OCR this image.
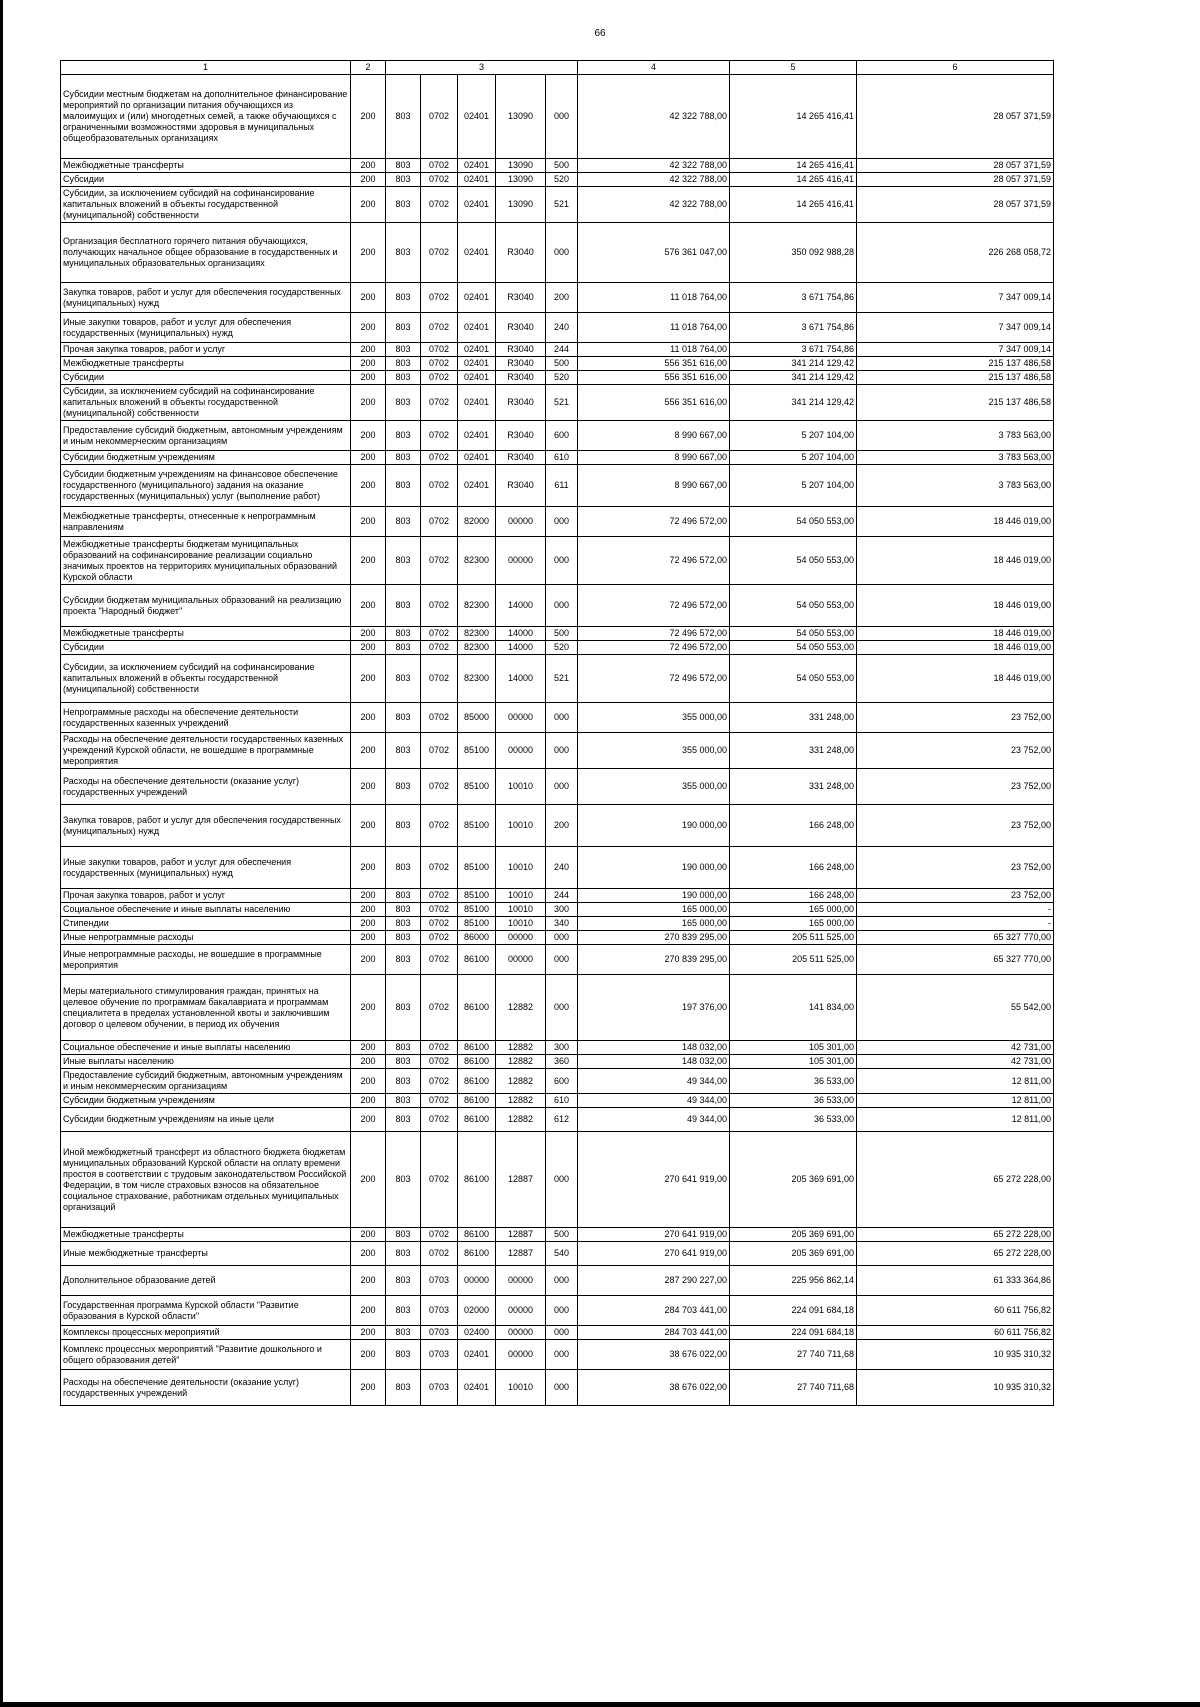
66
1	2	3					4	5	6
Субсидии местным бюджетам на дополнительное финансирование мероприятий по организации питания обучающихся из малоимущих и (или) многодетных семей, а также обучающихся с ограниченными возможностями здоровья в муниципальных общеобразовательных организациях	200	803	0702	02401	13090	000	42 322 788,00	14 265 416,41	28 057 371,59
Межбюджетные трансферты	200	803	0702	02401	13090	500	42 322 788,00	14 265 416,41	28 057 371,59
Субсидии	200	803	0702	02401	13090	520	42 322 788,00	14 265 416,41	28 057 371,59
Субсидии, за исключением субсидий на софинансирование капитальных вложений в объекты государственной (муниципальной) собственности	200	803	0702	02401	13090	521	42 322 788,00	14 265 416,41	28 057 371,59
Организация бесплатного горячего питания обучающихся, получающих начальное общее образование в государственных и муниципальных образовательных организациях	200	803	0702	02401	R3040	000	576 361 047,00	350 092 988,28	226 268 058,72
Закупка товаров, работ и услуг для обеспечения государственных (муниципальных) нужд	200	803	0702	02401	R3040	200	11 018 764,00	3 671 754,86	7 347 009,14
Иные закупки товаров, работ и услуг для обеспечения государственных (муниципальных) нужд	200	803	0702	02401	R3040	240	11 018 764,00	3 671 754,86	7 347 009,14
Прочая закупка товаров, работ и услуг	200	803	0702	02401	R3040	244	11 018 764,00	3 671 754,86	7 347 009,14
Межбюджетные трансферты	200	803	0702	02401	R3040	500	556 351 616,00	341 214 129,42	215 137 486,58
Субсидии	200	803	0702	02401	R3040	520	556 351 616,00	341 214 129,42	215 137 486,58
Субсидии, за исключением субсидий на софинансирование капитальных вложений в объекты государственной (муниципальной) собственности	200	803	0702	02401	R3040	521	556 351 616,00	341 214 129,42	215 137 486,58
Предоставление субсидий бюджетным, автономным учреждениям и иным некоммерческим организациям	200	803	0702	02401	R3040	600	8 990 667,00	5 207 104,00	3 783 563,00
Субсидии бюджетным учреждениям	200	803	0702	02401	R3040	610	8 990 667,00	5 207 104,00	3 783 563,00
Субсидии бюджетным учреждениям на финансовое обеспечение государственного (муниципального) задания на оказание государственных (муниципальных) услуг (выполнение работ)	200	803	0702	02401	R3040	611	8 990 667,00	5 207 104,00	3 783 563,00
Межбюджетные трансферты, отнесенные к непрограммным направлениям	200	803	0702	82000	00000	000	72 496 572,00	54 050 553,00	18 446 019,00
Межбюджетные трансферты бюджетам муниципальных образований на софинансирование реализации социально значимых проектов на территориях муниципальных образований Курской области	200	803	0702	82300	00000	000	72 496 572,00	54 050 553,00	18 446 019,00
Субсидии бюджетам муниципальных образований на реализацию проекта "Народный бюджет"	200	803	0702	82300	14000	000	72 496 572,00	54 050 553,00	18 446 019,00
Межбюджетные трансферты	200	803	0702	82300	14000	500	72 496 572,00	54 050 553,00	18 446 019,00
Субсидии	200	803	0702	82300	14000	520	72 496 572,00	54 050 553,00	18 446 019,00
Субсидии, за исключением субсидий на софинансирование капитальных вложений в объекты государственной (муниципальной) собственности	200	803	0702	82300	14000	521	72 496 572,00	54 050 553,00	18 446 019,00
Непрограммные расходы на обеспечение деятельности государственных казенных учреждений	200	803	0702	85000	00000	000	355 000,00	331 248,00	23 752,00
Расходы на обеспечение деятельности государственных казенных учреждений Курской области, не вошедшие в программные мероприятия	200	803	0702	85100	00000	000	355 000,00	331 248,00	23 752,00
Расходы на обеспечение деятельности (оказание услуг) государственных учреждений	200	803	0702	85100	10010	000	355 000,00	331 248,00	23 752,00
Закупка товаров, работ и услуг для обеспечения государственных (муниципальных) нужд	200	803	0702	85100	10010	200	190 000,00	166 248,00	23 752,00
Иные закупки товаров, работ и услуг для обеспечения государственных (муниципальных) нужд	200	803	0702	85100	10010	240	190 000,00	166 248,00	23 752,00
Прочая закупка товаров, работ и услуг	200	803	0702	85100	10010	244	190 000,00	166 248,00	23 752,00
Социальное обеспечение и иные выплаты населению	200	803	0702	85100	10010	300	165 000,00	165 000,00	-
Стипендии	200	803	0702	85100	10010	340	165 000,00	165 000,00	-
Иные непрограммные расходы	200	803	0702	86000	00000	000	270 839 295,00	205 511 525,00	65 327 770,00
Иные непрограммные расходы, не вошедшие в программные мероприятия	200	803	0702	86100	00000	000	270 839 295,00	205 511 525,00	65 327 770,00
Меры материального стимулирования граждан, принятых на целевое обучение по программам бакалавриата и программам специалитета в пределах установленной квоты и заключившим договор о целевом обучении, в период их обучения	200	803	0702	86100	12882	000	197 376,00	141 834,00	55 542,00
Социальное обеспечение и иные выплаты населению	200	803	0702	86100	12882	300	148 032,00	105 301,00	42 731,00
Иные выплаты населению	200	803	0702	86100	12882	360	148 032,00	105 301,00	42 731,00
Предоставление субсидий бюджетным, автономным учреждениям и иным некоммерческим организациям	200	803	0702	86100	12882	600	49 344,00	36 533,00	12 811,00
Субсидии бюджетным учреждениям	200	803	0702	86100	12882	610	49 344,00	36 533,00	12 811,00
Субсидии бюджетным учреждениям на иные цели	200	803	0702	86100	12882	612	49 344,00	36 533,00	12 811,00
Иной межбюджетный трансферт из областного бюджета бюджетам муниципальных образований Курской области на оплату времени простоя в соответствии с трудовым законодательством Российской Федерации, в том числе страховых взносов на обязательное социальное страхование, работникам отдельных муниципальных организаций	200	803	0702	86100	12887	000	270 641 919,00	205 369 691,00	65 272 228,00
Межбюджетные трансферты	200	803	0702	86100	12887	500	270 641 919,00	205 369 691,00	65 272 228,00
Иные межбюджетные трансферты	200	803	0702	86100	12887	540	270 641 919,00	205 369 691,00	65 272 228,00
Дополнительное образование детей	200	803	0703	00000	00000	000	287 290 227,00	225 956 862,14	61 333 364,86
Государственная программа Курской области "Развитие образования в Курской области"	200	803	0703	02000	00000	000	284 703 441,00	224 091 684,18	60 611 756,82
Комплексы процессных мероприятий	200	803	0703	02400	00000	000	284 703 441,00	224 091 684,18	60 611 756,82
Комплекс процессных мероприятий "Развитие дошкольного и общего образования детей"	200	803	0703	02401	00000	000	38 676 022,00	27 740 711,68	10 935 310,32
Расходы на обеспечение деятельности (оказание услуг) государственных учреждений	200	803	0703	02401	10010	000	38 676 022,00	27 740 711,68	10 935 310,32
